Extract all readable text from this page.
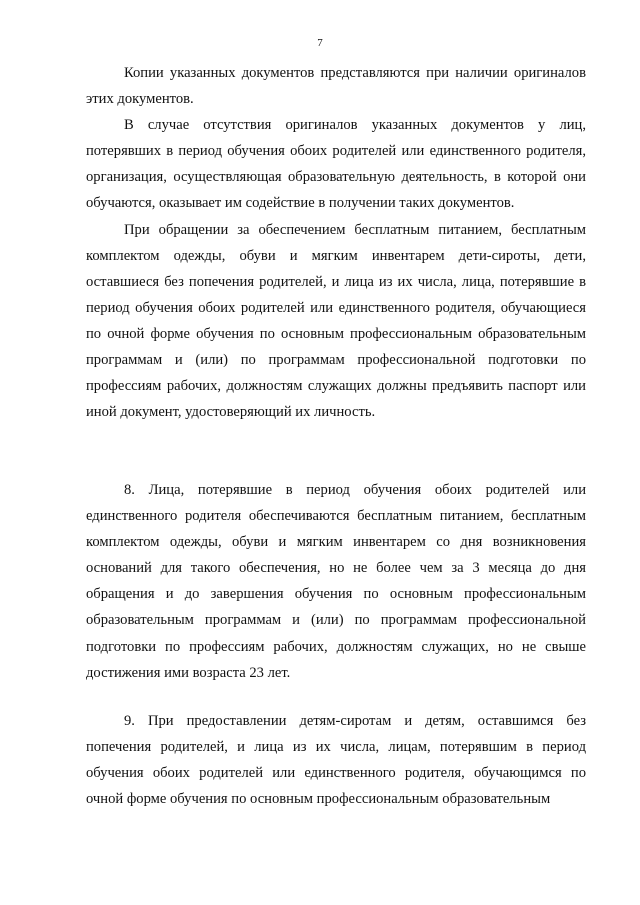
7

Копии указанных документов представляются при наличии оригиналов этих документов.

В случае отсутствия оригиналов указанных документов у лиц, потерявших в период обучения обоих родителей или единственного родителя, организация, осуществляющая образовательную деятельность, в которой они обучаются, оказывает им содействие в получении таких документов.

При обращении за обеспечением бесплатным питанием, бесплатным комплектом одежды, обуви и мягким инвентарем дети-сироты, дети, оставшиеся без попечения родителей, и лица из их числа, лица, потерявшие в период обучения обоих родителей или единственного родителя, обучающиеся по очной форме обучения по основным профессиональным образовательным программам и (или) по программам профессиональной подготовки по профессиям рабочих, должностям служащих должны предъявить паспорт или иной документ, удостоверяющий их личность.

8. Лица, потерявшие в период обучения обоих родителей или единственного родителя обеспечиваются бесплатным питанием, бесплатным комплектом одежды, обуви и мягким инвентарем со дня возникновения оснований для такого обеспечения, но не более чем за 3 месяца до дня обращения и до завершения обучения по основным профессиональным образовательным программам и (или) по программам профессиональной подготовки по профессиям рабочих, должностям служащих, но не свыше достижения ими возраста 23 лет.

9. При предоставлении детям-сиротам и детям, оставшимся без попечения родителей, и лица из их числа, лицам, потерявшим в период обучения обоих родителей или единственного родителя, обучающимся по очной форме обучения по основным профессиональным образовательным
